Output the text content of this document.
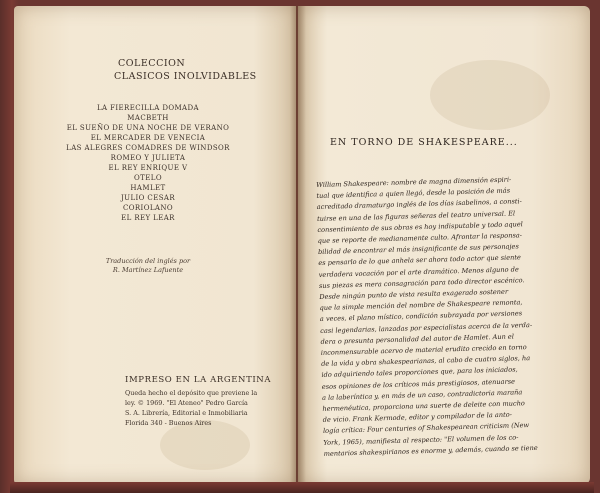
COLECCION
CLASICOS INOLVIDABLES
LA FIERECILLA DOMADA
MACBETH
EL SUEÑO DE UNA NOCHE DE VERANO
EL MERCADER DE VENECIA
LAS ALEGRES COMADRES DE WINDSOR
ROMEO Y JULIETA
EL REY ENRIQUE V
OTELO
HAMLET
JULIO CESAR
CORIOLANO
EL REY LEAR
Traducción del inglés por
R. Martínez Lafuente
IMPRESO EN LA ARGENTINA
Queda hecho el depósito que previene la
ley. © 1969. "El Ateneo" Pedro García
S. A. Librería, Editorial e Inmobiliaria
Florida 340 - Buenos Aires
EN TORNO DE SHAKESPEARE...
William Shakespeare: nombre de magna dimensión espiri-
tual que identifica a quien llegó, desde la posición de más
acreditado dramaturgo inglés de los días isabelinos, a consti-
tuirse en una de las figuras señeras del teatro universal. El
consentimiento de sus obras es hoy indisputable y todo aquel
que se reporte de medianamente culto. Afrontar la responsa-
bilidad de encontrar el más insignificante de sus personajes
es pensarlo de lo que anhela ser ahora todo actor que siente
verdadera vocación por el arte dramático. Menos alguno de
sus piezas es mera consagración para todo director escénico.
Desde ningún punto de vista resulta exagerado sostener
que la simple mención del nombre de Shakespeare remonta,
a veces, el plano místico, condición subrayada por versiones
casi legendarias, lanzadas por especialistas acerca de la verda-
dera o presunta personalidad del autor de Hamlet. Aun el
inconmensurable acervo de material erudito crecido en torno
de la vida y obra shakespearianas, al cabo de cuatro siglos, ha
ido adquiriendo tales proporciones que, para los iniciados,
esos opiniones de los críticos más prestigiosos, atenuarse
a la laberíntica y, en más de un caso, contradictoria maraña
hermenéutica, proporciona una suerte de deleite con mucho
de vicio. Frank Kermode, editor y compilador de la anto-
logía crítica: Four centuries of Shakespearean criticism (New
York, 1965), manifiesta al respecto: "El volumen de los co-
mentarios shakespirianos es enorme y, además, cuando se tiene
